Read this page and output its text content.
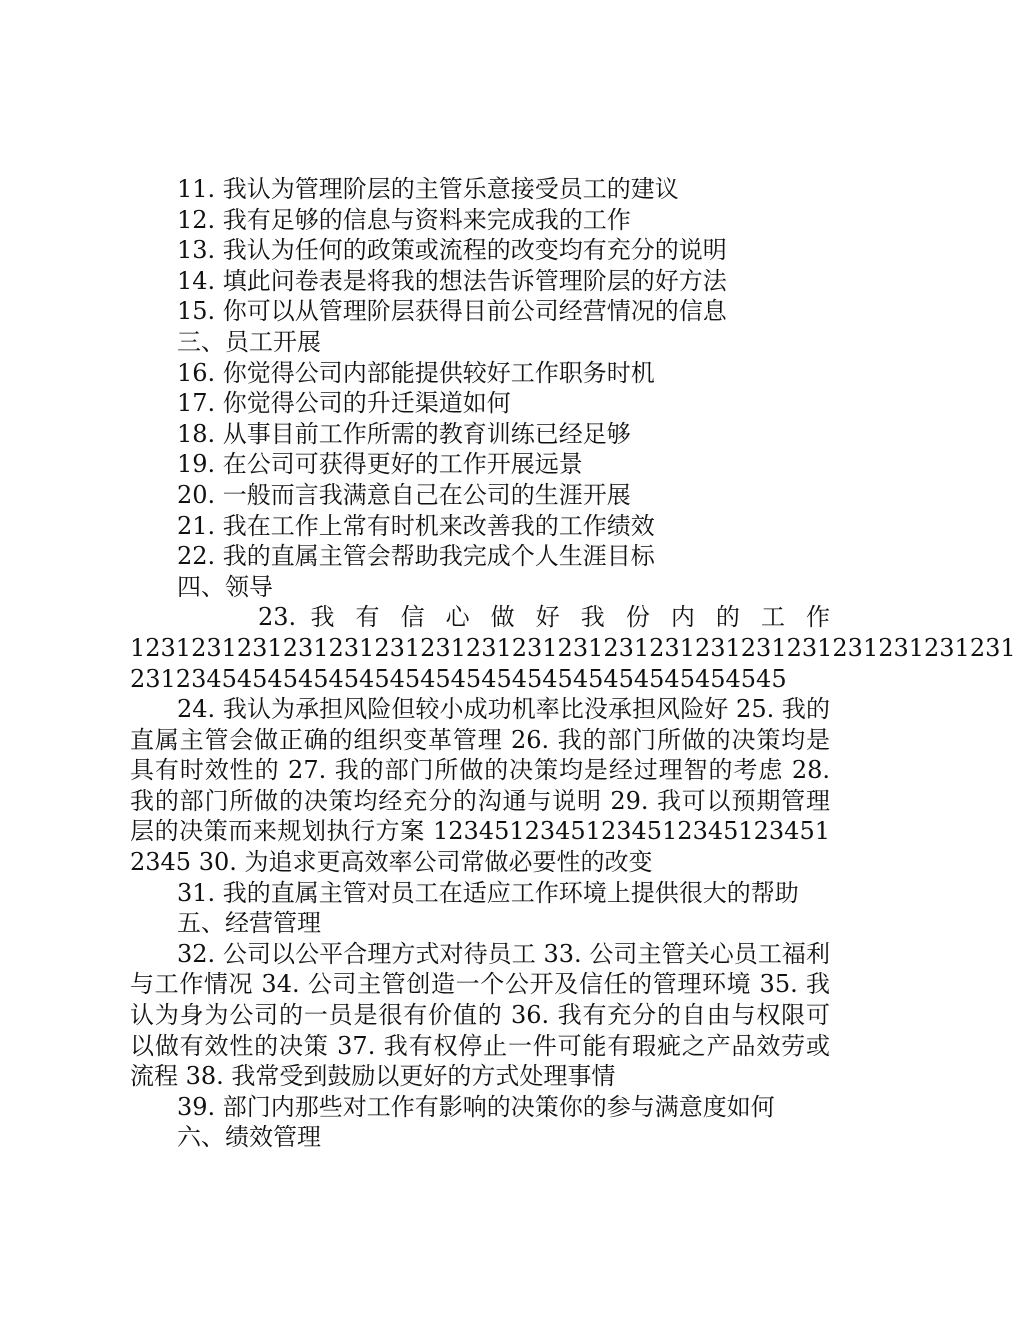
11. 我认为管理阶层的主管乐意接受员工的建议
12. 我有足够的信息与资料来完成我的工作
13. 我认为任何的政策或流程的改变均有充分的说明
14. 填此问卷表是将我的想法告诉管理阶层的好方法
15. 你可以从管理阶层获得目前公司经营情况的信息
三、员工开展
16. 你觉得公司内部能提供较好工作职务时机
17. 你觉得公司的升迁渠道如何
18. 从事目前工作所需的教育训练已经足够
19. 在公司可获得更好的工作开展远景
20. 一般而言我满意自己在公司的生涯开展
21. 我在工作上常有时机来改善我的工作绩效
22. 我的直属主管会帮助我完成个人生涯目标
四、领导
23. 我 有 信 心 做 好 我 份 内 的 工 作
1231231231231231231231231231231231231231231231231231231231
2312345454545454545454545454545454545454545

24. 我认为承担风险但较小成功机率比没承担风险好 25. 我的直属主管会做正确的组织变革管理 26. 我的部门所做的决策均是具有时效性的 27. 我的部门所做的决策均是经过理智的考虑 28. 我的部门所做的决策均经充分的沟通与说明 29. 我可以预期管理层的决策而来规划执行方案 123451234512345123451234512345 30. 为追求更高效率公司常做必要性的改变

31. 我的直属主管对员工在适应工作环境上提供很大的帮助
五、经营管理

32. 公司以公平合理方式对待员工 33. 公司主管关心员工福利与工作情况 34. 公司主管创造一个公开及信任的管理环境 35. 我认为身为公司的一员是很有价值的 36. 我有充分的自由与权限可以做有效性的决策 37. 我有权停止一件可能有瑕疵之产品效劳或流程 38. 我常受到鼓励以更好的方式处理事情

39. 部门内那些对工作有影响的决策你的参与满意度如何
六、绩效管理
